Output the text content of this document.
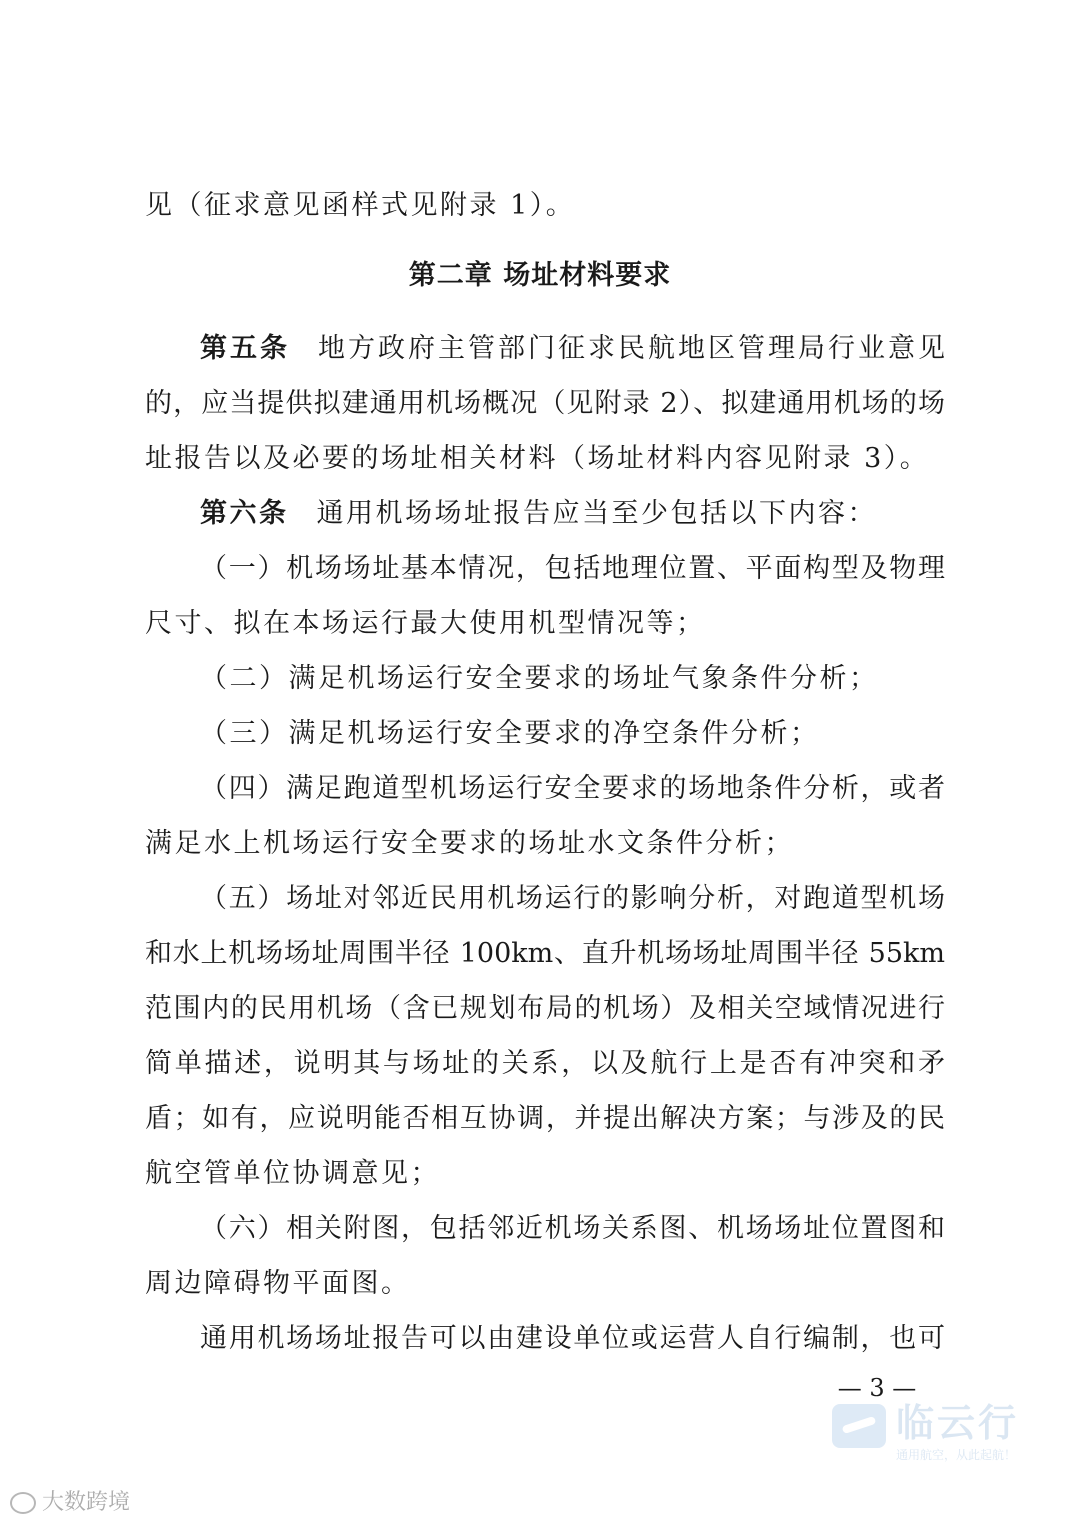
见（征求意见函样式见附录 1）。
第二章 场址材料要求
第五条 地方政府主管部门征求民航地区管理局行业意见
的，应当提供拟建通用机场概况（见附录 2）、拟建通用机场的场
址报告以及必要的场址相关材料（场址材料内容见附录 3）。
第六条 通用机场场址报告应当至少包括以下内容：
（一）机场场址基本情况，包括地理位置、平面构型及物理
尺寸、拟在本场运行最大使用机型情况等；
（二）满足机场运行安全要求的场址气象条件分析；
（三）满足机场运行安全要求的净空条件分析；
（四）满足跑道型机场运行安全要求的场地条件分析，或者
满足水上机场运行安全要求的场址水文条件分析；
（五）场址对邻近民用机场运行的影响分析，对跑道型机场
和水上机场场址周围半径 100km、直升机场场址周围半径 55km
范围内的民用机场（含已规划布局的机场）及相关空域情况进行
简单描述，说明其与场址的关系，以及航行上是否有冲突和矛
盾；如有，应说明能否相互协调，并提出解决方案；与涉及的民
航空管单位协调意见；
（六）相关附图，包括邻近机场关系图、机场场址位置图和
周边障碍物平面图。
通用机场场址报告可以由建设单位或运营人自行编制，也可
— 3 —
临云行
通用航空，从此起航！
大数跨境
